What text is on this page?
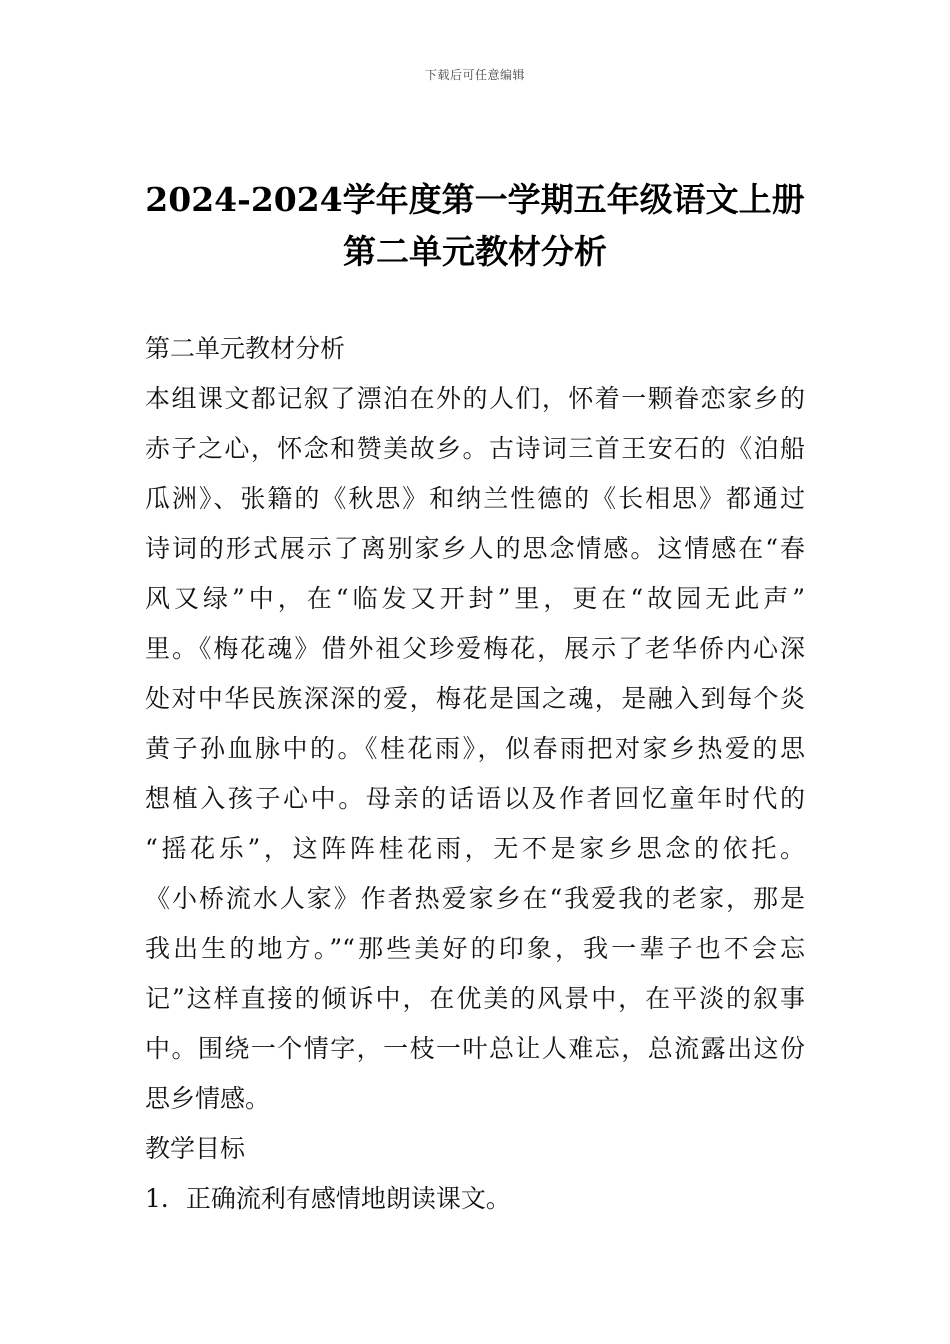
下载后可任意编辑
2024-2024学年度第一学期五年级语文上册
第二单元教材分析
第二单元教材分析
本组课文都记叙了漂泊在外的人们，怀着一颗眷恋家乡的
赤子之心，怀念和赞美故乡。古诗词三首王安石的《泊船
瓜洲》、张籍的《秋思》和纳兰性德的《长相思》都通过
诗词的形式展示了离别家乡人的思念情感。这情感在“春
风又绿”中，在“临发又开封”里，更在“故园无此声”
里。《梅花魂》借外祖父珍爱梅花，展示了老华侨内心深
处对中华民族深深的爱，梅花是国之魂，是融入到每个炎
黄子孙血脉中的。《桂花雨》，似春雨把对家乡热爱的思
想植入孩子心中。母亲的话语以及作者回忆童年时代的
“摇花乐”，这阵阵桂花雨，无不是家乡思念的依托。
《小桥流水人家》作者热爱家乡在“我爱我的老家，那是
我出生的地方。”“那些美好的印象，我一辈子也不会忘
记”这样直接的倾诉中，在优美的风景中，在平淡的叙事
中。围绕一个情字，一枝一叶总让人难忘，总流露出这份
思乡情感。
教学目标
1．正确流利有感情地朗读课文。
